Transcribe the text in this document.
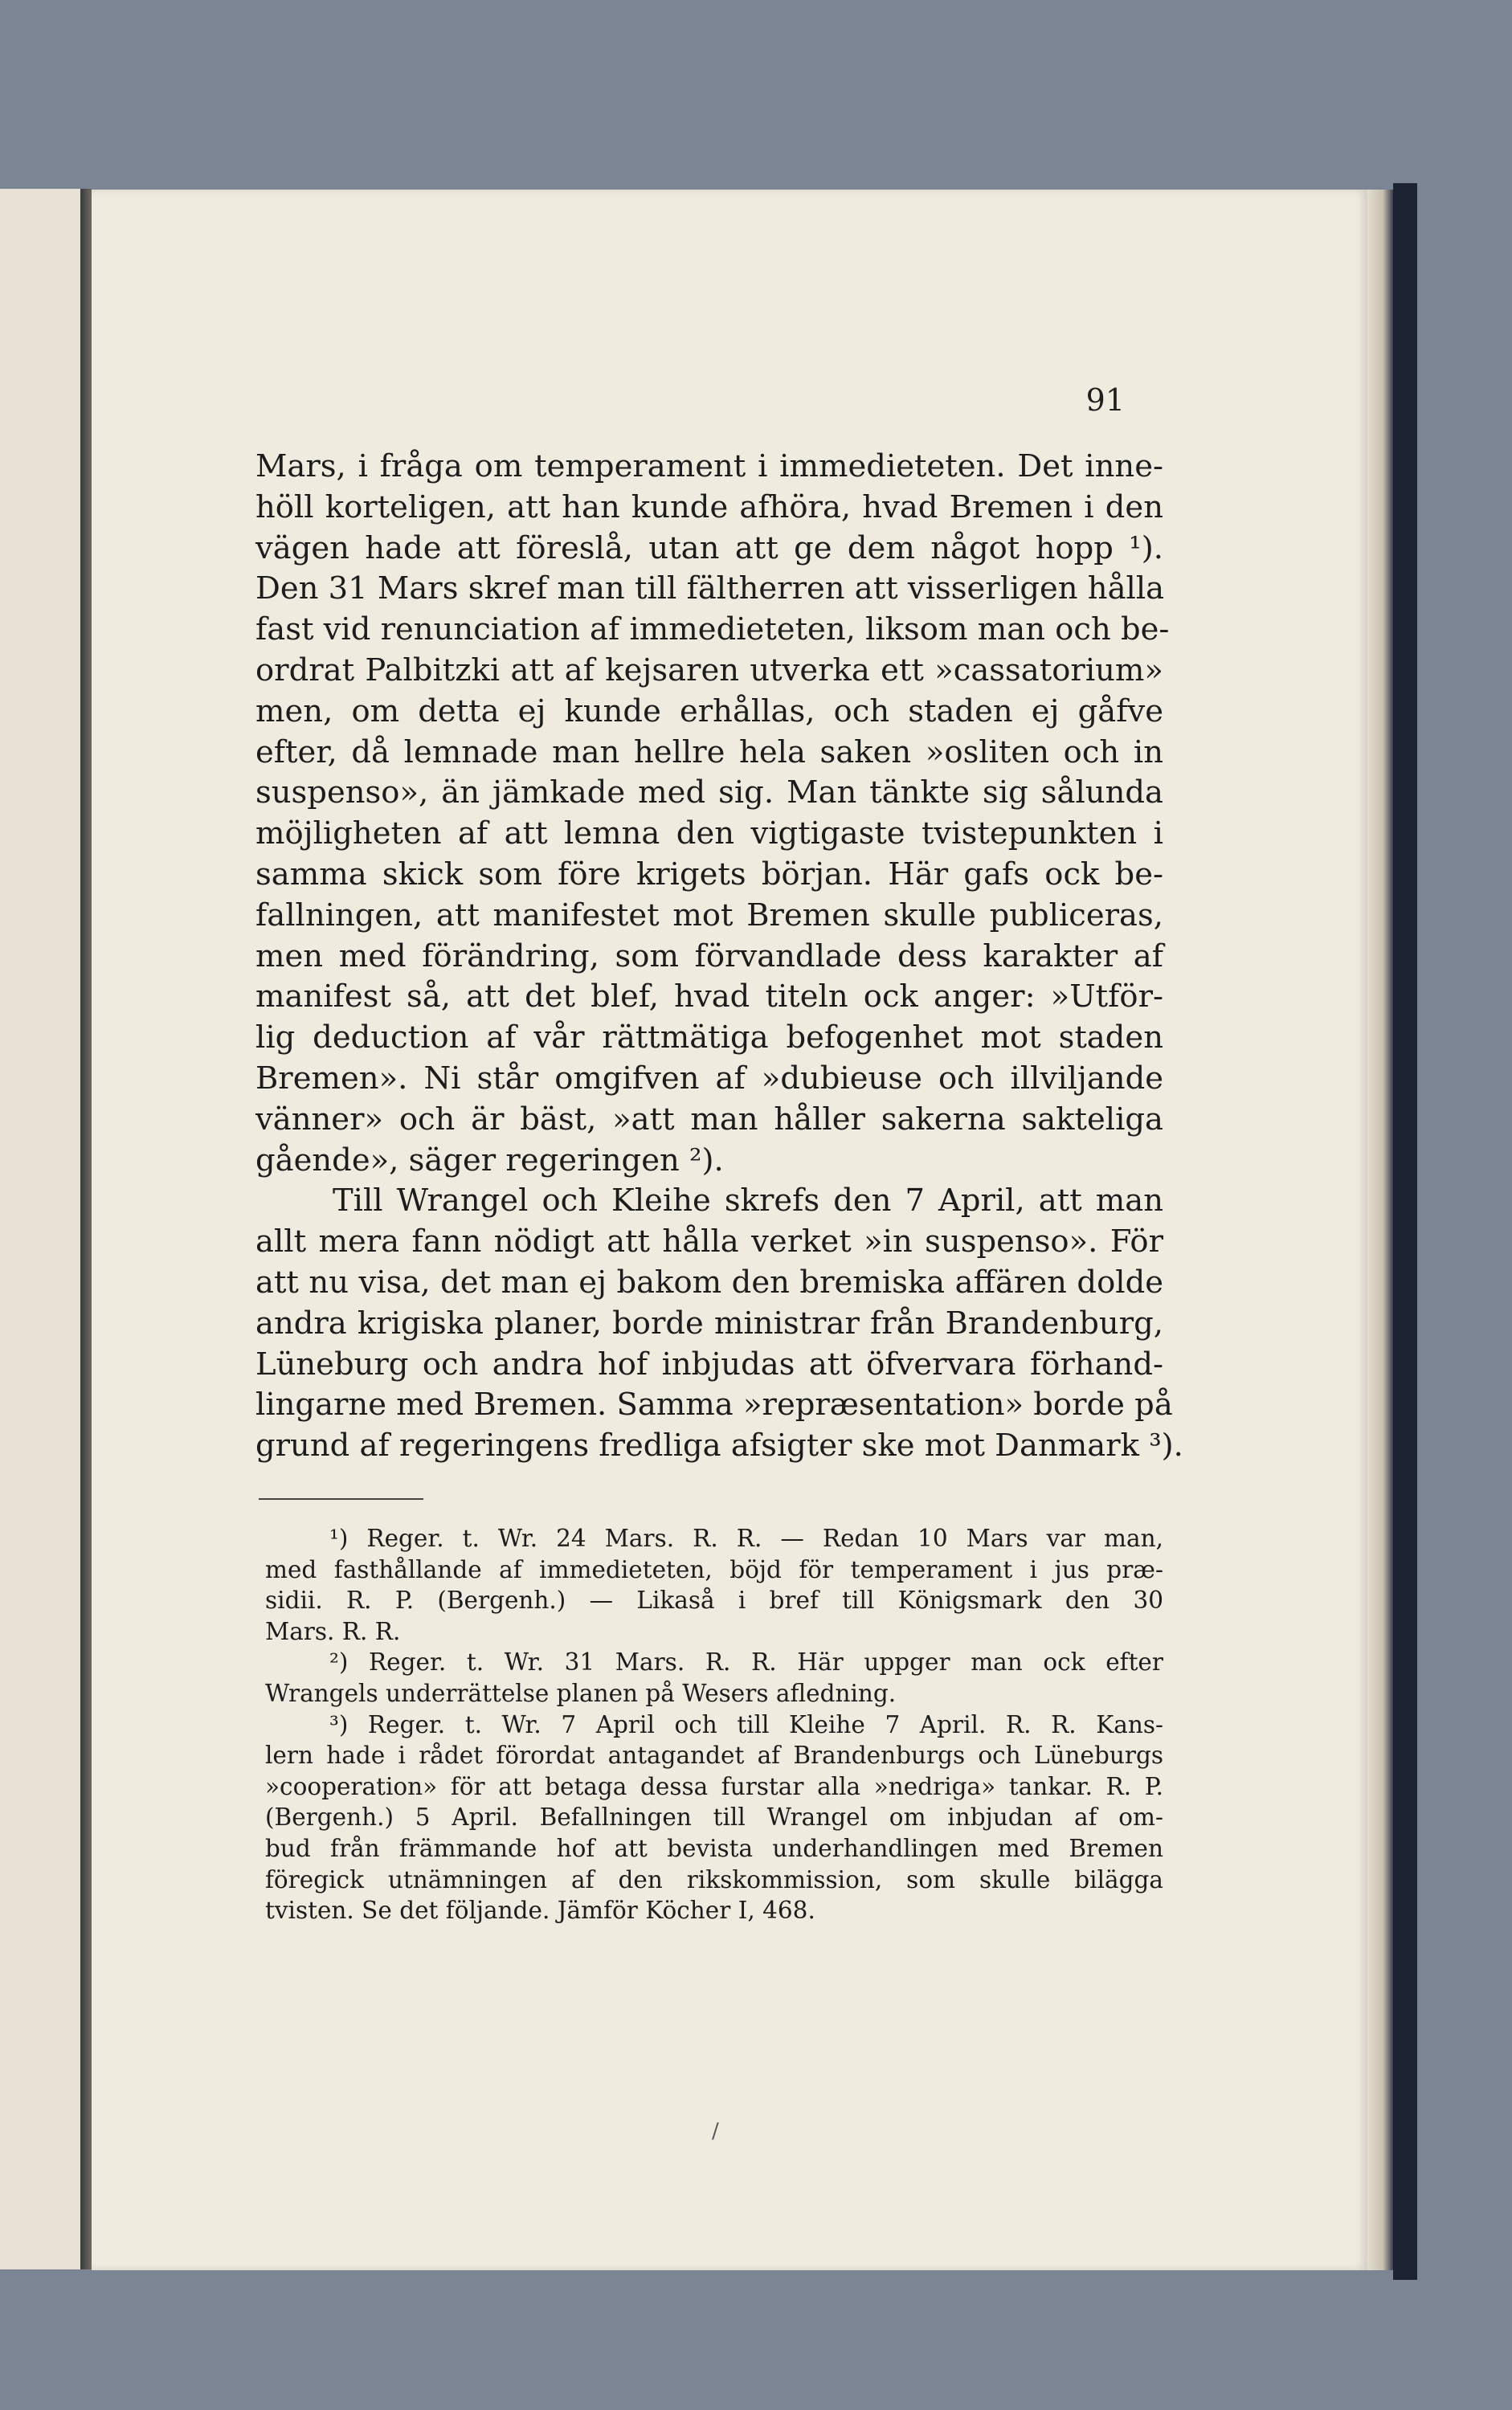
91
Mars, i fråga om temperament i immedieteten. Det inne-
höll korteligen, att han kunde afhöra, hvad Bremen i den
vägen hade att föreslå, utan att ge dem något hopp ¹).
Den 31 Mars skref man till fältherren att visserligen hålla
fast vid renunciation af immedieteten, liksom man och be-
ordrat Palbitzki att af kejsaren utverka ett »cassatorium»
men, om detta ej kunde erhållas, och staden ej gåfve
efter, då lemnade man hellre hela saken »osliten och in
suspenso», än jämkade med sig. Man tänkte sig sålunda
möjligheten af att lemna den vigtigaste tvistepunkten i
samma skick som före krigets början. Här gafs ock be-
fallningen, att manifestet mot Bremen skulle publiceras,
men med förändring, som förvandlade dess karakter af
manifest så, att det blef, hvad titeln ock anger: »Utför-
lig deduction af vår rättmätiga befogenhet mot staden
Bremen». Ni står omgifven af »dubieuse och illviljande
vänner» och är bäst, »att man håller sakerna sakteliga
gående», säger regeringen ²).
Till Wrangel och Kleihe skrefs den 7 April, att man
allt mera fann nödigt att hålla verket »in suspenso». För
att nu visa, det man ej bakom den bremiska affären dolde
andra krigiska planer, borde ministrar från Brandenburg,
Lüneburg och andra hof inbjudas att öfvervara förhand-
lingarne med Bremen. Samma »repræsentation» borde på
grund af regeringens fredliga afsigter ske mot Danmark ³).
¹) Reger. t. Wr. 24 Mars. R. R. — Redan 10 Mars var man,
med fasthållande af immedieteten, böjd för temperament i jus præ-
sidii. R. P. (Bergenh.) — Likaså i bref till Königsmark den 30
Mars. R. R.
²) Reger. t. Wr. 31 Mars. R. R. Här uppger man ock efter
Wrangels underrättelse planen på Wesers afledning.
³) Reger. t. Wr. 7 April och till Kleihe 7 April. R. R. Kans-
lern hade i rådet förordat antagandet af Brandenburgs och Lüneburgs
»cooperation» för att betaga dessa furstar alla »nedriga» tankar. R. P.
(Bergenh.) 5 April. Befallningen till Wrangel om inbjudan af om-
bud från främmande hof att bevista underhandlingen med Bremen
föregick utnämningen af den rikskommission, som skulle bilägga
tvisten. Se det följande. Jämför Köcher I, 468.
/
